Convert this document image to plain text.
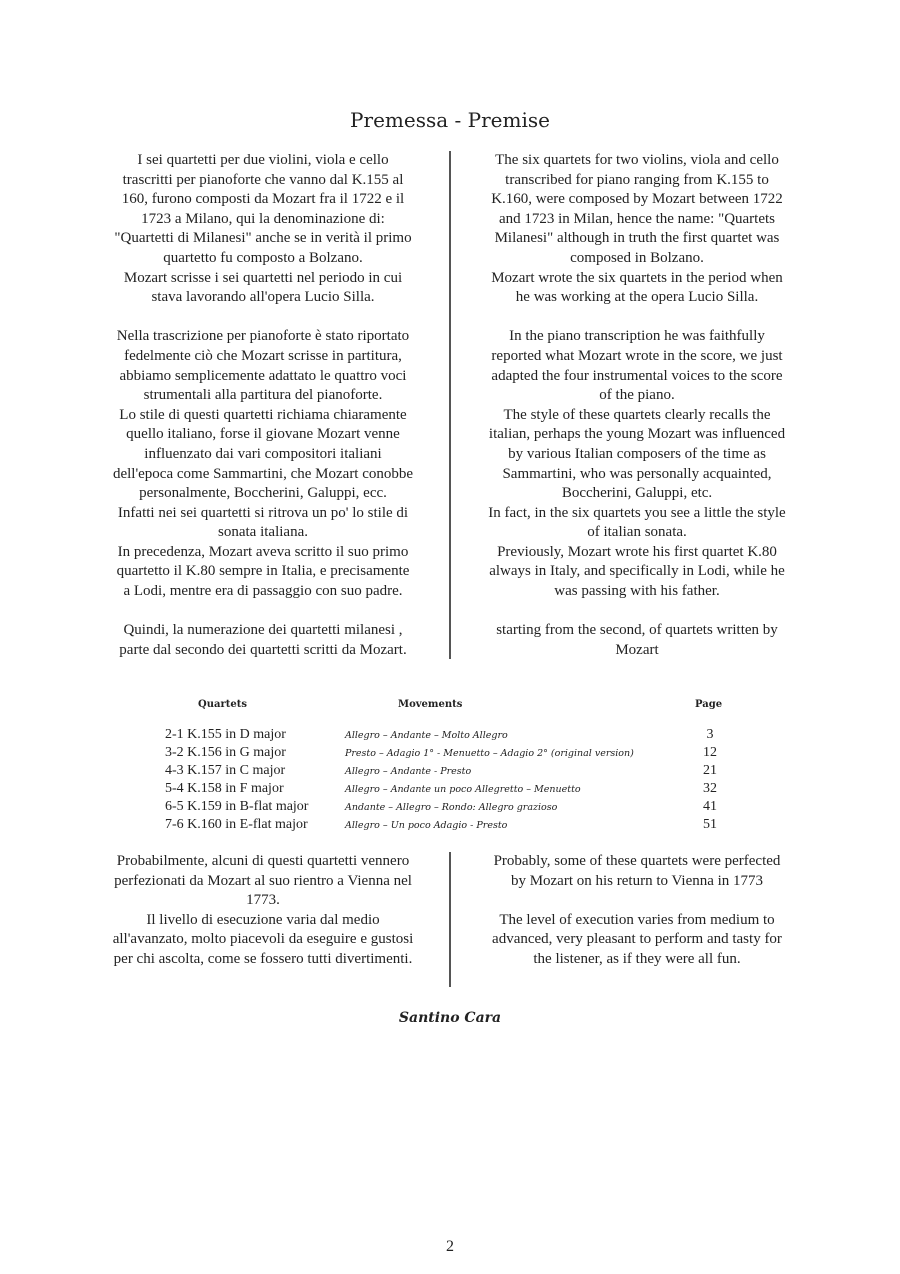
Premessa - Premise

I sei quartetti per due violini, viola e cello

trascritti per pianoforte che vanno dal K.155 al

160, furono composti da Mozart fra il 1722 e il

1723 a Milano, qui la denominazione di:

"Quartetti di Milanesi" anche se in verità il primo

quartetto fu composto a Bolzano.

Mozart scrisse i sei quartetti nel periodo in cui

stava lavorando all'opera Lucio Silla.

Nella trascrizione per pianoforte è stato riportato

fedelmente ciò che Mozart scrisse in partitura,

abbiamo semplicemente adattato le quattro voci

strumentali alla partitura del pianoforte.

Lo stile di questi quartetti richiama chiaramente

quello italiano, forse il giovane Mozart venne

influenzato dai vari compositori italiani

dell'epoca come Sammartini, che Mozart conobbe

personalmente, Boccherini, Galuppi, ecc.

Infatti nei sei quartetti si ritrova un po' lo stile di

sonata italiana.

In precedenza, Mozart aveva scritto il suo primo

quartetto il K.80 sempre in Italia, e precisamente

a Lodi, mentre era di passaggio con suo padre.

Quindi, la numerazione dei quartetti milanesi ,

parte dal secondo dei quartetti scritti da Mozart.

The six quartets for two violins, viola and cello

transcribed for piano ranging from K.155 to

K.160, were composed by Mozart between 1722

and 1723 in Milan, hence the name: "Quartets

Milanesi" although in truth the first quartet was

composed in Bolzano.

Mozart wrote the six quartets in the period when

he was working at the opera Lucio Silla.

In the piano transcription he was faithfully

reported what Mozart wrote in the score, we just

adapted the four instrumental voices to the score

of the piano.

The style of these quartets clearly recalls the

italian, perhaps the young Mozart was influenced

by various Italian composers of the time as

Sammartini, who was personally acquainted,

Boccherini, Galuppi, etc.

In fact, in the six quartets you see a little the style

of italian sonata.

Previously, Mozart wrote his first quartet K.80

always in Italy, and specifically in Lodi, while he

was passing with his father.

starting from the second, of quartets written by

Mozart

Quartets	Movements	Page
2-1 K.155 in D major	Allegro – Andante – Molto Allegro	3
3-2 K.156 in G major	Presto – Adagio 1° - Menuetto – Adagio 2° (original version)	12
4-3 K.157 in C major	Allegro – Andante - Presto	21
5-4 K.158 in F major	Allegro – Andante un poco Allegretto – Menuetto	32
6-5 K.159 in B-flat major	Andante – Allegro – Rondo: Allegro grazioso	41
7-6 K.160 in E-flat major	Allegro – Un poco Adagio - Presto	51

Probabilmente, alcuni di questi quartetti vennero

perfezionati da Mozart al suo rientro a Vienna nel

1773.

Il livello di esecuzione varia dal medio

all'avanzato, molto piacevoli da eseguire e gustosi

per chi ascolta, come se fossero tutti divertimenti.

Probably, some of these quartets were perfected

by Mozart on his return to Vienna in 1773

The level of execution varies from medium to

advanced, very pleasant to perform and tasty for

the listener, as if they were all fun.

Santino Cara
2
